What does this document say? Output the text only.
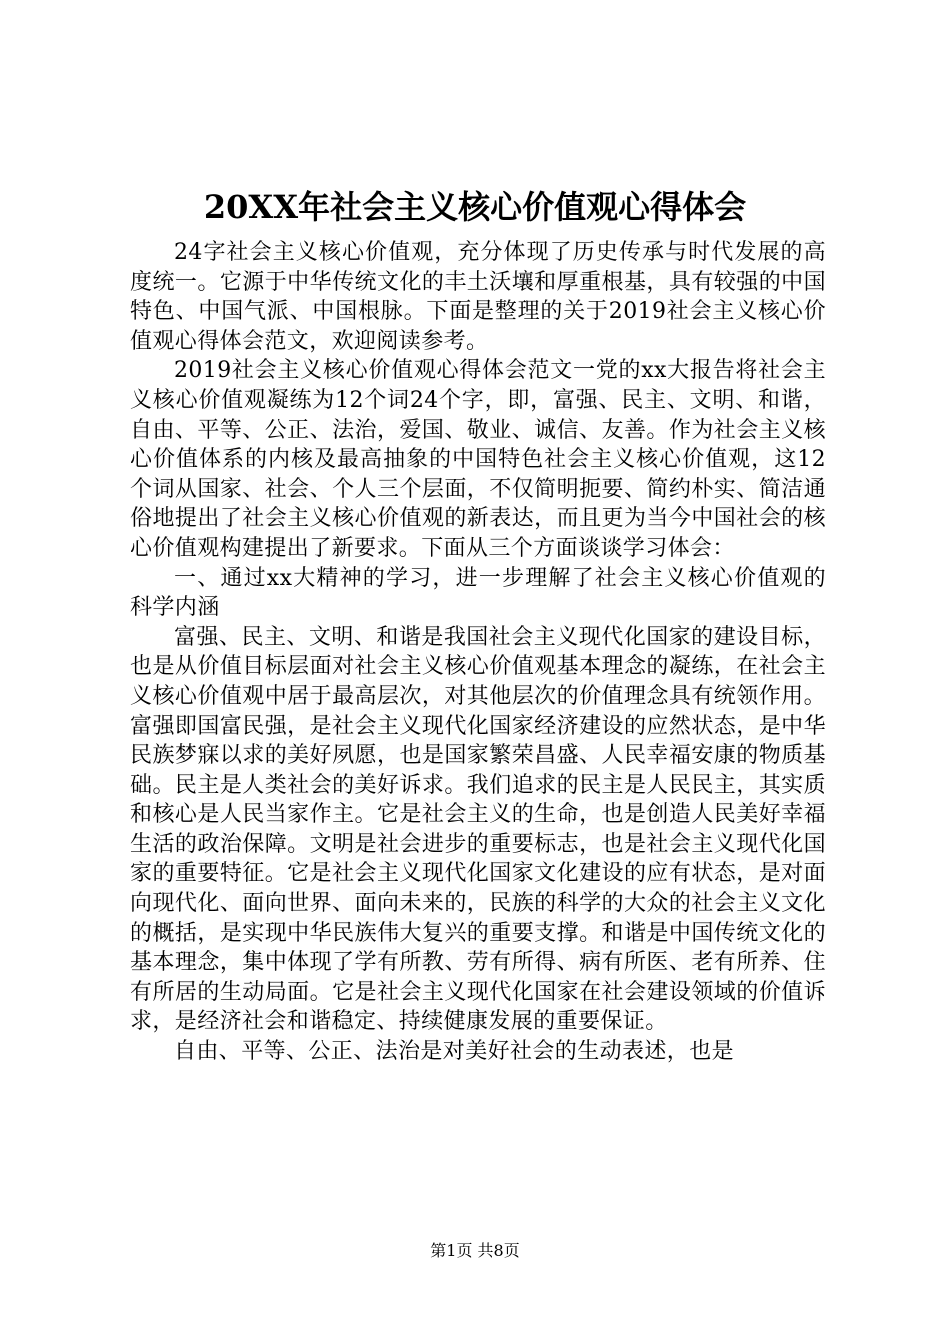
20XX年社会主义核心价值观心得体会

24字社会主义核心价值观，充分体现了历史传承与时代发展的高度统一。它源于中华传统文化的丰土沃壤和厚重根基，具有较强的中国特色、中国气派、中国根脉。下面是整理的关于2019社会主义核心价值观心得体会范文，欢迎阅读参考。

2019社会主义核心价值观心得体会范文一党的xx大报告将社会主义核心价值观凝练为12个词24个字，即，富强、民主、文明、和谐，自由、平等、公正、法治，爱国、敬业、诚信、友善。作为社会主义核心价值体系的内核及最高抽象的中国特色社会主义核心价值观，这12个词从国家、社会、个人三个层面，不仅简明扼要、简约朴实、简洁通俗地提出了社会主义核心价值观的新表达，而且更为当今中国社会的核心价值观构建提出了新要求。下面从三个方面谈谈学习体会：

一、通过xx大精神的学习，进一步理解了社会主义核心价值观的科学内涵

富强、民主、文明、和谐是我国社会主义现代化国家的建设目标，也是从价值目标层面对社会主义核心价值观基本理念的凝练，在社会主义核心价值观中居于最高层次，对其他层次的价值理念具有统领作用。富强即国富民强，是社会主义现代化国家经济建设的应然状态，是中华民族梦寐以求的美好夙愿，也是国家繁荣昌盛、人民幸福安康的物质基础。民主是人类社会的美好诉求。我们追求的民主是人民民主，其实质和核心是人民当家作主。它是社会主义的生命，也是创造人民美好幸福生活的政治保障。文明是社会进步的重要标志，也是社会主义现代化国家的重要特征。它是社会主义现代化国家文化建设的应有状态，是对面向现代化、面向世界、面向未来的，民族的科学的大众的社会主义文化的概括，是实现中华民族伟大复兴的重要支撑。和谐是中国传统文化的基本理念，集中体现了学有所教、劳有所得、病有所医、老有所养、住有所居的生动局面。它是社会主义现代化国家在社会建设领域的价值诉求，是经济社会和谐稳定、持续健康发展的重要保证。

自由、平等、公正、法治是对美好社会的生动表述，也是

第1页 共8页
